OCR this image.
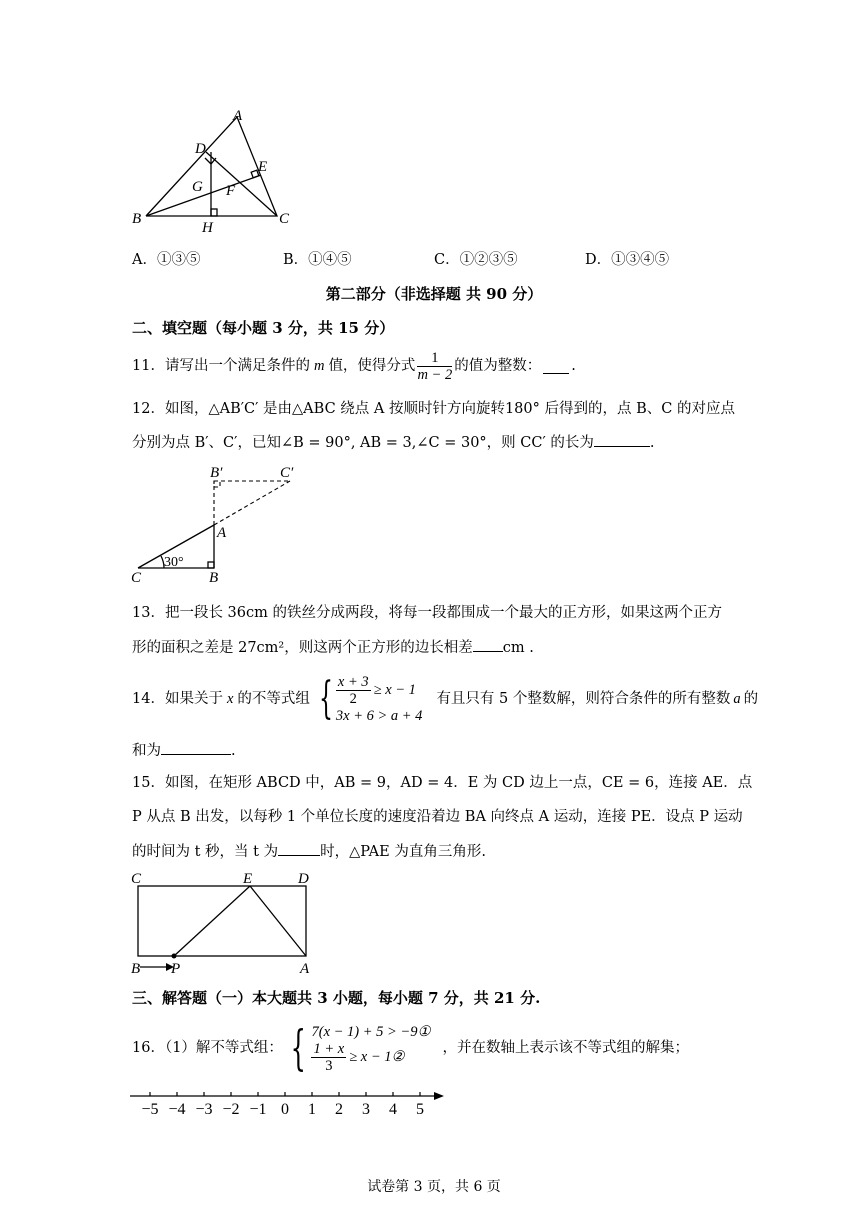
A
D
E
G F
B
H
C
A．①③⑤	B．①④⑤	C．①②③⑤	D．①③④⑤
第二部分（非选择题 共 90 分）
二、填空题（每小题 3 分，共 15 分）
11．请写出一个满足条件的 m 值，使得分式 $\frac{1}{m - 2}$ 的值为整数： .
12．如图，△AB′C′ 是由△ABC 绕点 A 按顺时针方向旋转180° 后得到的，点 B、C 的对应点
分别为点 B′、C′，已知∠B = 90°, AB = 3,∠C = 30°，则 CC′ 的长为	.
B′	C′
A
30°
C	B
13．把一段长 36cm 的铁丝分成两段，将每一段都围成一个最大的正方形，如果这两个正方
形的面积之差是 27cm²，则这两个正方形的边长相差 cm .
14．如果关于 x 的不等式组 { $\frac{x + 3}{2} \ge x - 1$
3x + 6 > a + 4
有且只有 5 个整数解，则符合条件的所有整数 a 的
和为	.
15．如图，在矩形 ABCD 中，AB = 9，AD = 4．E 为 CD 边上一点，CE = 6，连接 AE．点
P 从点 B 出发，以每秒 1 个单位长度的速度沿着边 BA 向终点 A 运动，连接 PE．设点 P 运动
的时间为 t 秒，当 t 为	时，△PAE 为直角三角形.
C	E	D
B P	A
三、解答题（一）本大题共 3 小题，每小题 7 分，共 21 分.
16．（1）解不等式组： { 7(x − 1) + 5 > −9①
$\frac{1 + x}{3} \ge x$ − 1②
，并在数轴上表示该不等式组的解集；
−5 −4 −3 −2 −1 0 1 2 3 4 5
试卷第 3 页，共 6 页
